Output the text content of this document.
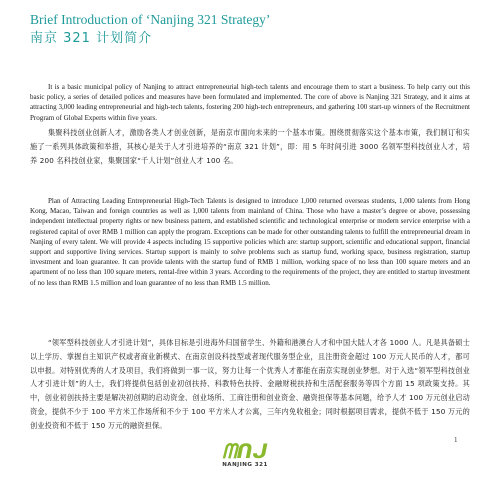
Brief Introduction of ‘Nanjing 321 Strategy’
南京 321 计划简介

It is a basic municipal policy of Nanjing to attract entrepreneurial high-tech talents and encourage them to start a business. To help carry out this basic policy, a series of detailed polices and measures have been formulated and implemented. The core of above is Nanjing 321 Strategy, and it aims at attracting 3,000 leading entrepreneurial and high-tech talents, fostering 200 high-tech entrepreneurs, and gathering 100 start-up winners of the Recruitment Program of Global Experts within five years.

集聚科技创业创新人才，激励各类人才创业创新，是南京市面向未来的一个基本市策。围绕贯彻落实这个基本市策，我们制订和实施了一系列具体政策和举措，其核心是关于人才引进培养的“南京 321 计划”，即：用 5 年时间引进 3000 名领军型科技创业人才，培养 200 名科技创业家，集聚国家“千人计划”创业人才 100 名。

Plan of Attracting Leading Entrepreneurial High-Tech Talents is designed to introduce 1,000 returned overseas students, 1,000 talents from Hong Kong, Macao, Taiwan and foreign countries as well as 1,000 talents from mainland of China. Those who have a master’s degree or above, possessing independent intellectual property rights or new business pattern, and established scientific and technological enterprise or modern service enterprise with a registered capital of over RMB 1 million can apply the program. Exceptions can be made for other outstanding talents to fulfill the entrepreneurial dream in Nanjing of every talent. We will provide 4 aspects including 15 supportive policies which are: startup support, scientific and educational support, financial support and supportive living services. Startup support is mainly to solve problems such as startup fund, working space, business registration, startup investment and loan guarantee. It can provide talents with the startup fund of RMB 1 million, working space of no less than 100 square meters and an apartment of no less than 100 square meters, rental-free within 3 years. According to the requirements of the project, they are entitled to startup investment of no less than RMB 1.5 million and loan guarantee of no less than RMB 1.5 million.

“领军型科技创业人才引进计划”，具体目标是引进海外归国留学生、外籍和港澳台人才和中国大陆人才各 1000 人。凡是具备硕士以上学历、掌握自主知识产权或者商业新模式、在南京创设科技型或者现代服务型企业，且注册资金超过 100 万元人民币的人才，都可以申报。对特别优秀的人才及项目，我们将做到一事一议，努力让每一个优秀人才都能在南京实现创业梦想。对于入选“领军型科技创业人才引进计划”的人士，我们将提供包括创业初创扶持、科教特色扶持、金融财税扶持和生活配套服务等四个方面 15 项政策支持。其中，创业初创扶持主要是解决初创期的启动资金、创业场所、工商注册和创业资金、融资担保等基本问题，给予人才 100 万元创业启动资金，提供不少于 100 平方米工作场所和不少于 100 平方米人才公寓，三年内免收租金；同时根据项目需求，提供不低于 150 万元的创业投资和不低于 150 万元的融资担保。

ᗰᑎᒍ
NANJING 321
1
